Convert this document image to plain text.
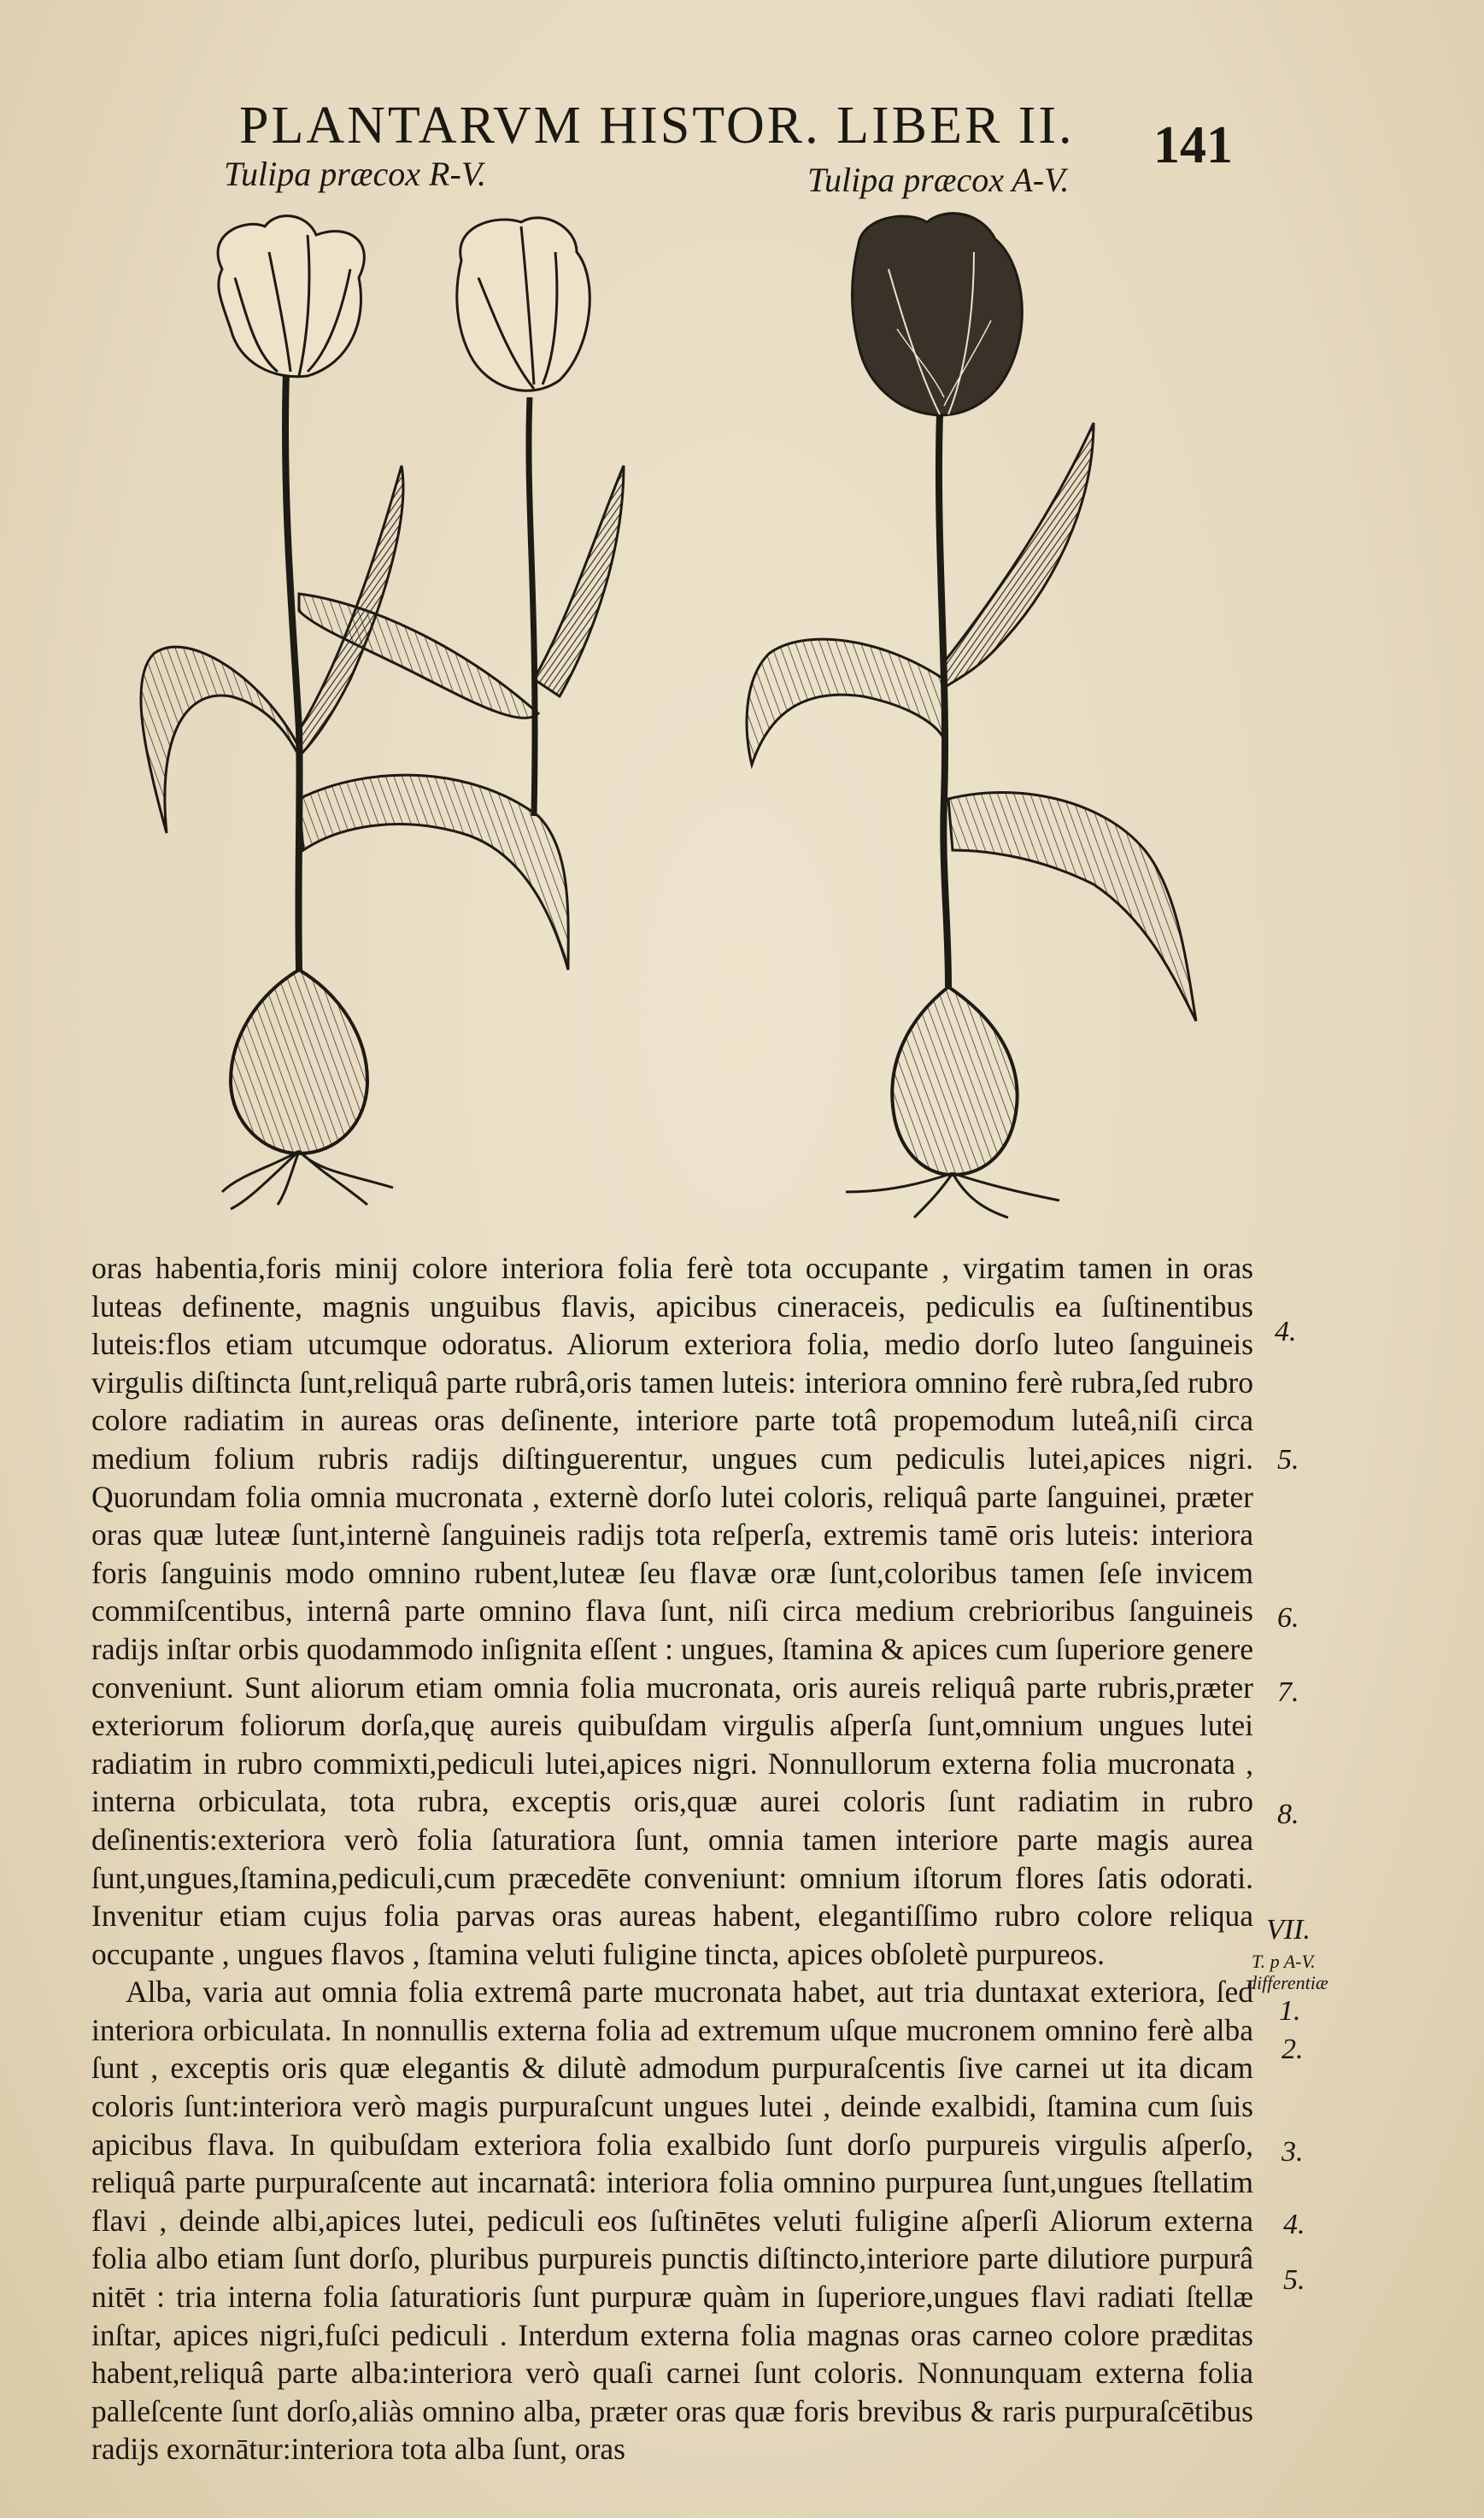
PLANTARVM HISTOR. LIBER II. 141
Tulipa præcox R-V.	Tulipa præcox A-V.

oras habentia,foris minij colore interiora folia ferè tota occupante , virgatim tamen in oras luteas definente, magnis unguibus flavis, apicibus cineraceis, pediculis ea ſuſtinentibus luteis:flos etiam utcumque odoratus. Aliorum exteriora folia, medio dorſo luteo ſanguineis virgulis diſtincta ſunt,reliquâ parte rubrâ,oris tamen luteis: interiora omnino ferè rubra,ſed rubro colore radiatim in aureas oras deſinente, interiore parte totâ propemodum luteâ,niſi circa medium folium rubris radijs diſtinguerentur, ungues cum pediculis lutei,apices nigri. Quorundam folia omnia mucronata , externè dorſo lutei coloris, reliquâ parte ſanguinei, præter oras quæ luteæ ſunt,internè ſanguineis radijs tota reſperſa, extremis tamē oris luteis: interiora foris ſanguinis modo omnino rubent,luteæ ſeu flavæ oræ ſunt,coloribus tamen ſeſe invicem commiſcentibus, internâ parte omnino flava ſunt, niſi circa medium crebrioribus ſanguineis radijs inſtar orbis quodammodo inſignita eſſent : ungues, ſtamina & apices cum ſuperiore genere conveniunt. Sunt aliorum etiam omnia folia mucronata, oris aureis reliquâ parte rubris,præter exteriorum foliorum dorſa,quę aureis quibuſdam virgulis aſperſa ſunt,omnium ungues lutei radiatim in rubro commixti,pediculi lutei,apices nigri. Nonnullorum externa folia mucronata , interna orbiculata, tota rubra, exceptis oris,quæ aurei coloris ſunt radiatim in rubro deſinentis:exteriora verò folia ſaturatiora ſunt, omnia tamen interiore parte magis aurea ſunt,ungues,ſtamina,pediculi,cum præcedēte conveniunt: omnium iſtorum flores ſatis odorati. Invenitur etiam cujus folia parvas oras aureas habent, elegantiſſimo rubro colore reliqua occupante , ungues flavos , ſtamina veluti fuligine tincta, apices obſoletè purpureos.

Alba, varia aut omnia folia extremâ parte mucronata habet, aut tria duntaxat exteriora, ſed interiora orbiculata. In nonnullis externa folia ad extremum uſque mucronem omnino ferè alba ſunt , exceptis oris quæ elegantis & dilutè admodum purpuraſcentis ſive carnei ut ita dicam coloris ſunt:interiora verò magis purpuraſcunt ungues lutei , deinde exalbidi, ſtamina cum ſuis apicibus flava. In quibuſdam exteriora folia exalbido ſunt dorſo purpureis virgulis aſperſo, reliquâ parte purpuraſcente aut incarnatâ: interiora folia omnino purpurea ſunt,ungues ſtellatim flavi , deinde albi,apices lutei, pediculi eos ſuſtinētes veluti fuligine aſperſi Aliorum externa folia albo etiam ſunt dorſo, pluribus purpureis punctis diſtincto,interiore parte dilutiore purpurâ nitēt : tria interna folia ſaturatioris ſunt purpuræ quàm in ſuperiore,ungues flavi radiati ſtellæ inſtar, apices nigri,fuſci pediculi . Interdum externa folia magnas oras carneo colore præditas habent,reliquâ parte alba:interiora verò quaſi carnei ſunt coloris. Nonnunquam externa folia palleſcente ſunt dorſo,aliàs omnino alba, præter oras quæ foris brevibus & raris purpuraſcētibus radijs exornātur:interiora tota alba ſunt, oras

4.
5.
6.
7.
8.
VII.
T. p A-V.
differentiæ
1.
2.
3.
4.
5.
